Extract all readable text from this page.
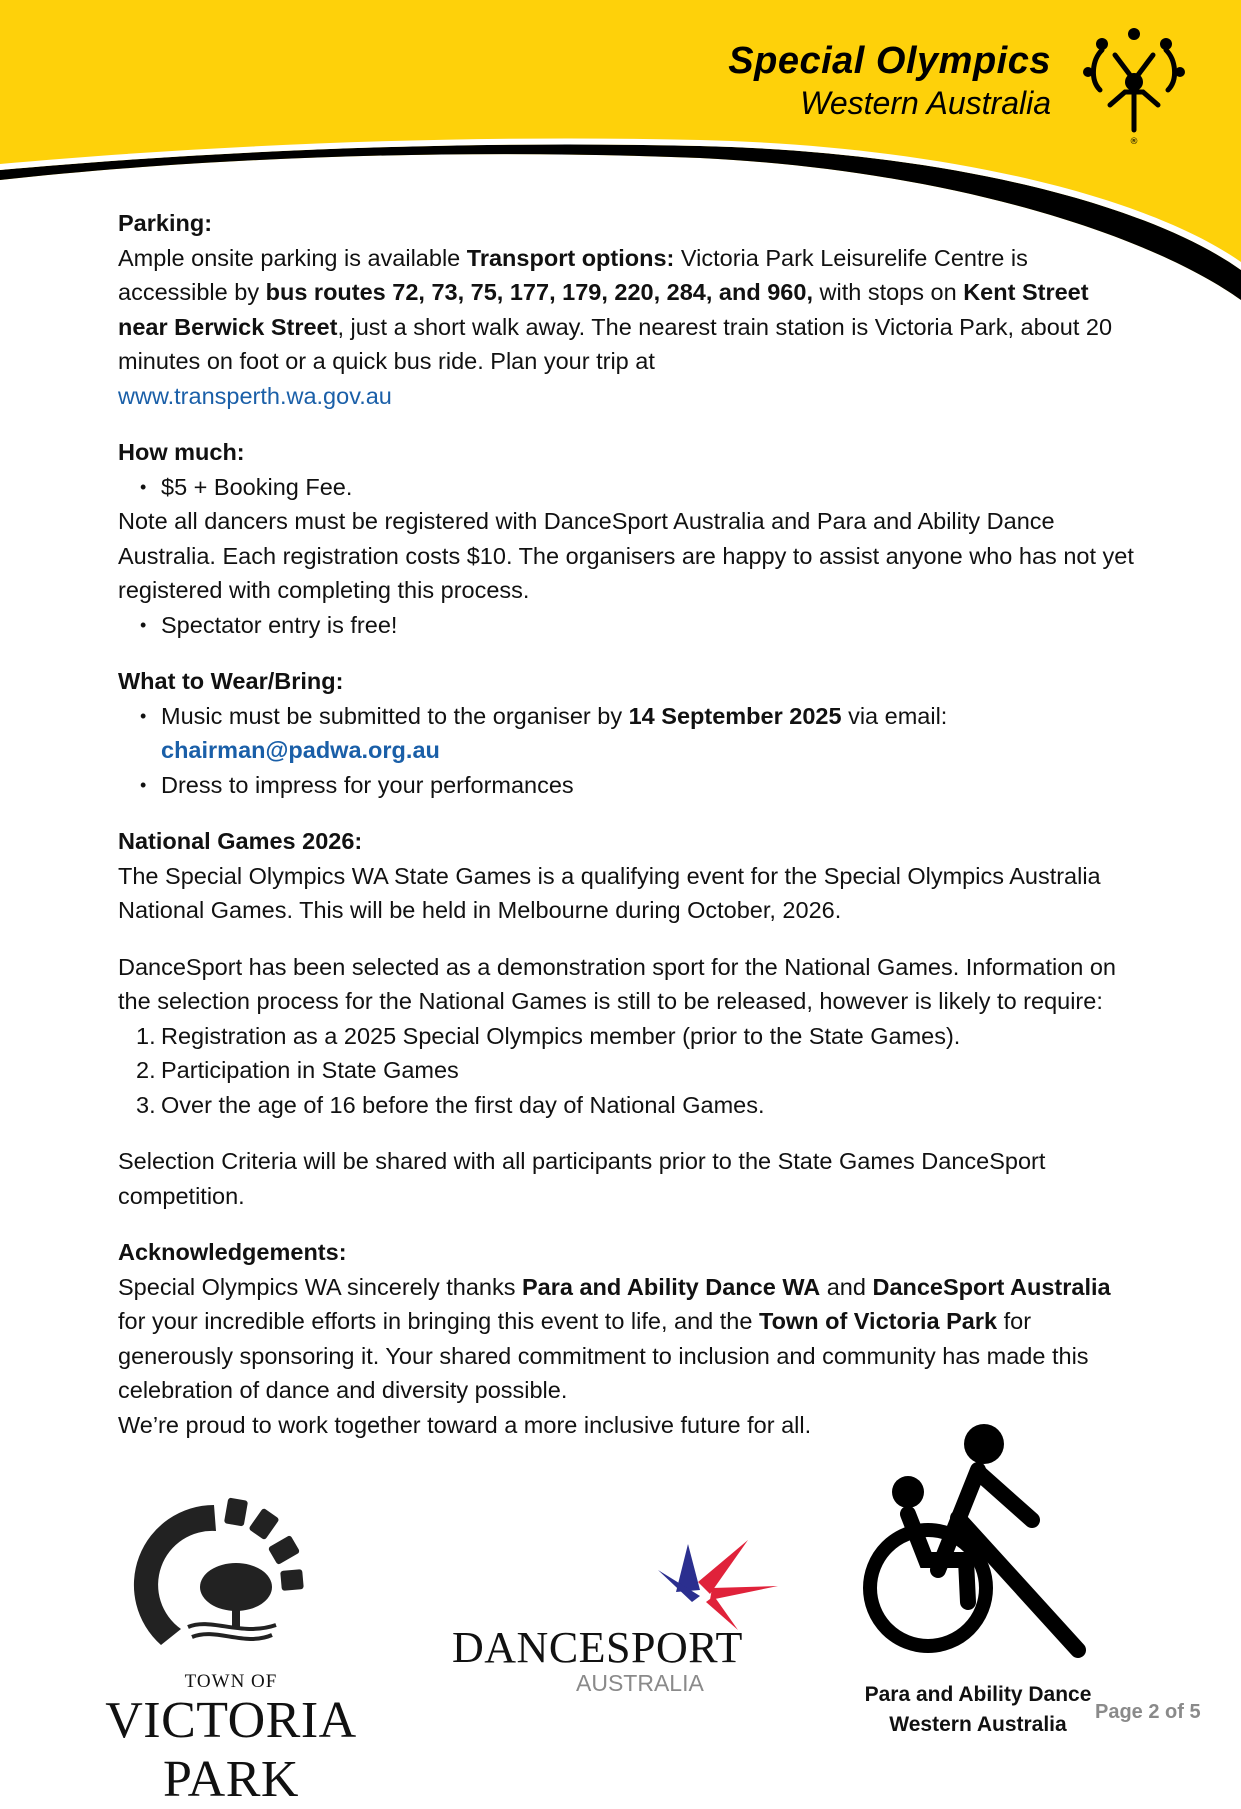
Special Olympics
Western Australia
®
Parking:

Ample onsite parking is available Transport options: Victoria Park Leisurelife Centre is accessible by bus routes 72, 73, 75, 177, 179, 220, 284, and 960, with stops on Kent Street near Berwick Street, just a short walk away. The nearest train station is Victoria Park, about 20 minutes on foot or a quick bus ride. Plan your trip at
www.transperth.wa.gov.au

How much:
• $5 + Booking Fee.

Note all dancers must be registered with DanceSport Australia and Para and Ability Dance Australia. Each registration costs $10. The organisers are happy to assist anyone who has not yet registered with completing this process.

• Spectator entry is free!
What to Wear/Bring:
• Music must be submitted to the organiser by 14 September 2025 via email:
chairman@padwa.org.au
• Dress to impress for your performances
National Games 2026:

The Special Olympics WA State Games is a qualifying event for the Special Olympics Australia National Games. This will be held in Melbourne during October, 2026.

DanceSport has been selected as a demonstration sport for the National Games. Information on the selection process for the National Games is still to be released, however is likely to require:

1. Registration as a 2025 Special Olympics member (prior to the State Games).
2. Participation in State Games
3. Over the age of 16 before the first day of National Games.

Selection Criteria will be shared with all participants prior to the State Games DanceSport competition.

Acknowledgements:

Special Olympics WA sincerely thanks Para and Ability Dance WA and DanceSport Australia for your incredible efforts in bringing this event to life, and the Town of Victoria Park for generously sponsoring it. Your shared commitment to inclusion and community has made this celebration of dance and diversity possible.

We’re proud to work together toward a more inclusive future for all.

TOWN OF
VICTORIA PARK
DANCESPORT
AUSTRALIA	Para and Ability Dance
Western Australia
Page 2 of 5
